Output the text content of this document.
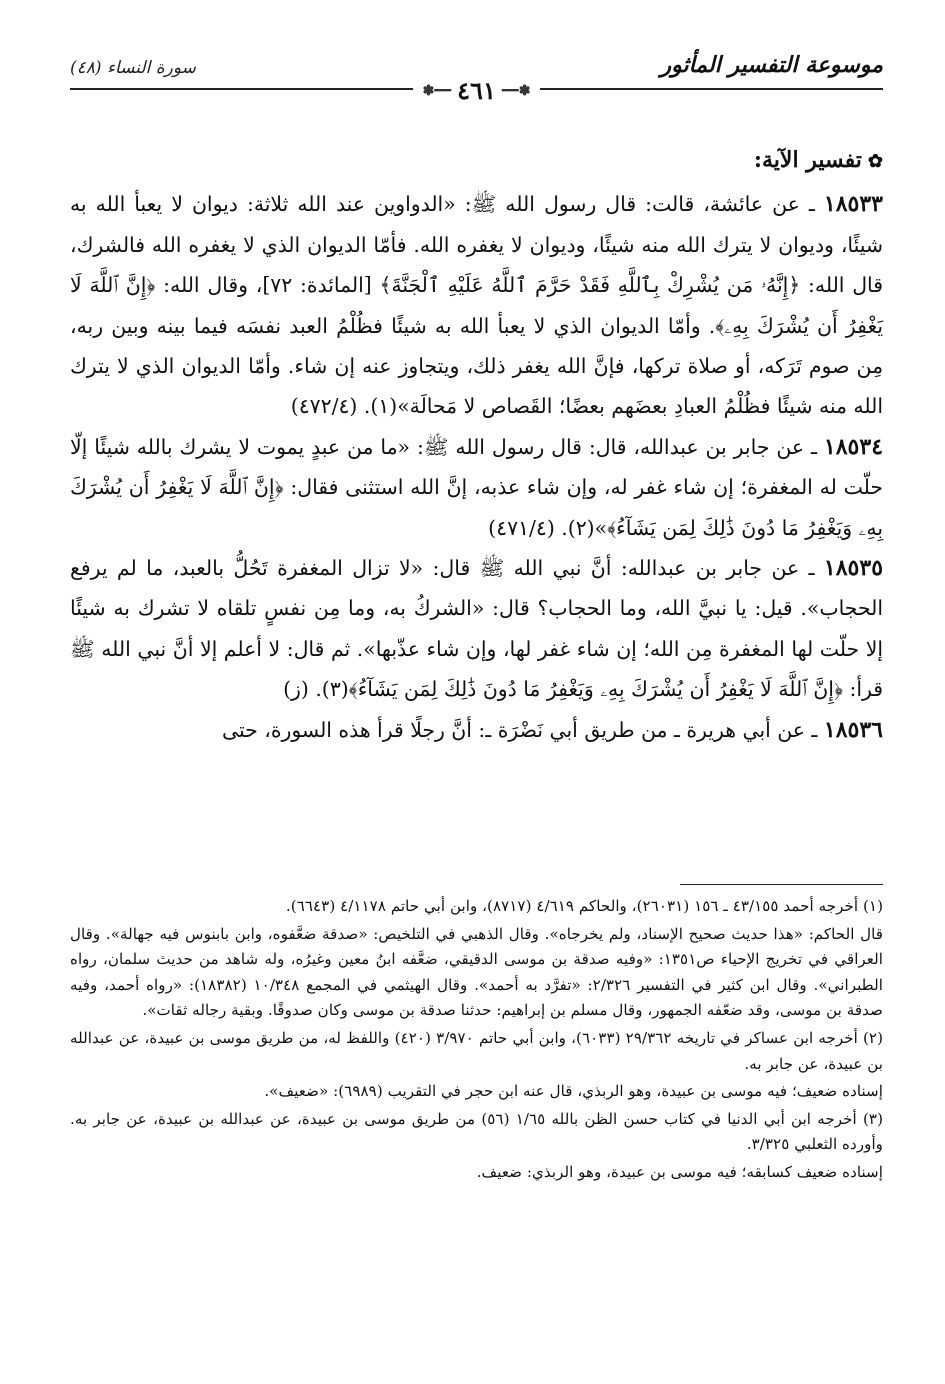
موسوعة التفسير المأثور
سورة النساء (٤٨)
✽━━
٤٦١
━━✽
✿تفسير الآية:

١٨٥٣٣ ـ عن عائشة، قالت: قال رسول الله ﷺ: «الدواوين عند الله ثلاثة: ديوان لا يعبأ الله به شيئًا، وديوان لا يترك الله منه شيئًا، وديوان لا يغفره الله. فأمّا الديوان الذي لا يغفره الله فالشرك، قال الله: ﴿إِنَّهُۥ مَن يُشْرِكْ بِٱللَّهِ فَقَدْ حَرَّمَ ٱللَّهُ عَلَيْهِ ٱلْجَنَّةَ﴾ [المائدة: ٧٢]، وقال الله: ﴿إِنَّ ٱللَّهَ لَا يَغْفِرُ أَن يُشْرَكَ بِهِۦ﴾. وأمّا الديوان الذي لا يعبأ الله به شيئًا فظُلْمُ العبد نفسَه فيما بينه وبين ربه، مِن صوم تَرَكه، أو صلاة تركها، فإنَّ الله يغفر ذلك، ويتجاوز عنه إن شاء. وأمّا الديوان الذي لا يترك الله منه شيئًا فظُلْمُ العبادِ بعضَهم بعضًا؛ القَصاص لا مَحالَة»(١). (٤٧٢/٤)

١٨٥٣٤ ـ عن جابر بن عبدالله، قال: قال رسول الله ﷺ: «ما من عبدٍ يموت لا يشرك بالله شيئًا إلّا حلّت له المغفرة؛ إن شاء غفر له، وإن شاء عذبه، إنَّ الله استثنى فقال: ﴿إِنَّ ٱللَّهَ لَا يَغْفِرُ أَن يُشْرَكَ بِهِۦ وَيَغْفِرُ مَا دُونَ ذَٰلِكَ لِمَن يَشَآءُ﴾»(٢). (٤٧١/٤)

١٨٥٣٥ ـ عن جابر بن عبدالله: أنَّ نبي الله ﷺ قال: «لا تزال المغفرة تَحُلُّ بالعبد، ما لم يرفع الحجاب». قيل: يا نبيَّ الله، وما الحجاب؟ قال: «الشركُ به، وما مِن نفسٍ تلقاه لا تشرك به شيئًا إلا حلّت لها المغفرة مِن الله؛ إن شاء غفر لها، وإن شاء عذّبها». ثم قال: لا أعلم إلا أنَّ نبي الله ﷺ قرأ: ﴿إِنَّ ٱللَّهَ لَا يَغْفِرُ أَن يُشْرَكَ بِهِۦ وَيَغْفِرُ مَا دُونَ ذَٰلِكَ لِمَن يَشَآءُ﴾(٣). (ز)

١٨٥٣٦ ـ عن أبي هريرة ـ من طريق أبي نَضْرَة ـ: أنَّ رجلًا قرأ هذه السورة، حتى

(١) أخرجه أحمد ٤٣/١٥٥ ـ ١٥٦ (٢٦٠٣١)، والحاكم ٤/٦١٩ (٨٧١٧)، وابن أبي حاتم ٤/١١٧٨ (٦٦٤٣).

قال الحاكم: «هذا حديث صحيح الإسناد، ولم يخرجاه». وقال الذهبي في التلخيص: «صدقة ضعَّفوه، وابن بابنوس فيه جهالة». وقال العراقي في تخريج الإحياء ص١٣٥١: «وفيه صدقة بن موسى الدقيقي، ضعَّفه ابنُ معين وغيرُه، وله شاهد من حديث سلمان، رواه الطبراني». وقال ابن كثير في التفسير ٢/٣٢٦: «تفرَّد به أحمد». وقال الهيثمي في المجمع ١٠/٣٤٨ (١٨٣٨٢): «رواه أحمد، وفيه صدقة بن موسى، وقد ضعّفه الجمهور، وقال مسلم بن إبراهيم: حدثنا صدقة بن موسى وكان صدوقًا. وبقية رجاله ثقات».

(٢) أخرجه ابن عساكر في تاريخه ٢٩/٣٦٢ (٦٠٣٣)، وابن أبي حاتم ٣/٩٧٠ (٤٢٠) واللفظ له، من طريق موسى بن عبيدة، عن عبدالله بن عبيدة، عن جابر به.

إسناده ضعيف؛ فيه موسى بن عبيدة، وهو الربذي، قال عنه ابن حجر في التقريب (٦٩٨٩): «ضعيف».

(٣) أخرجه ابن أبي الدنيا في كتاب حسن الظن بالله ١/٦٥ (٥٦) من طريق موسى بن عبيدة، عن عبدالله بن عبيدة، عن جابر به. وأورده الثعلبي ٣/٣٢٥.

إسناده ضعيف كسابقه؛ فيه موسى بن عبيدة، وهو الربذي: ضعيف.
